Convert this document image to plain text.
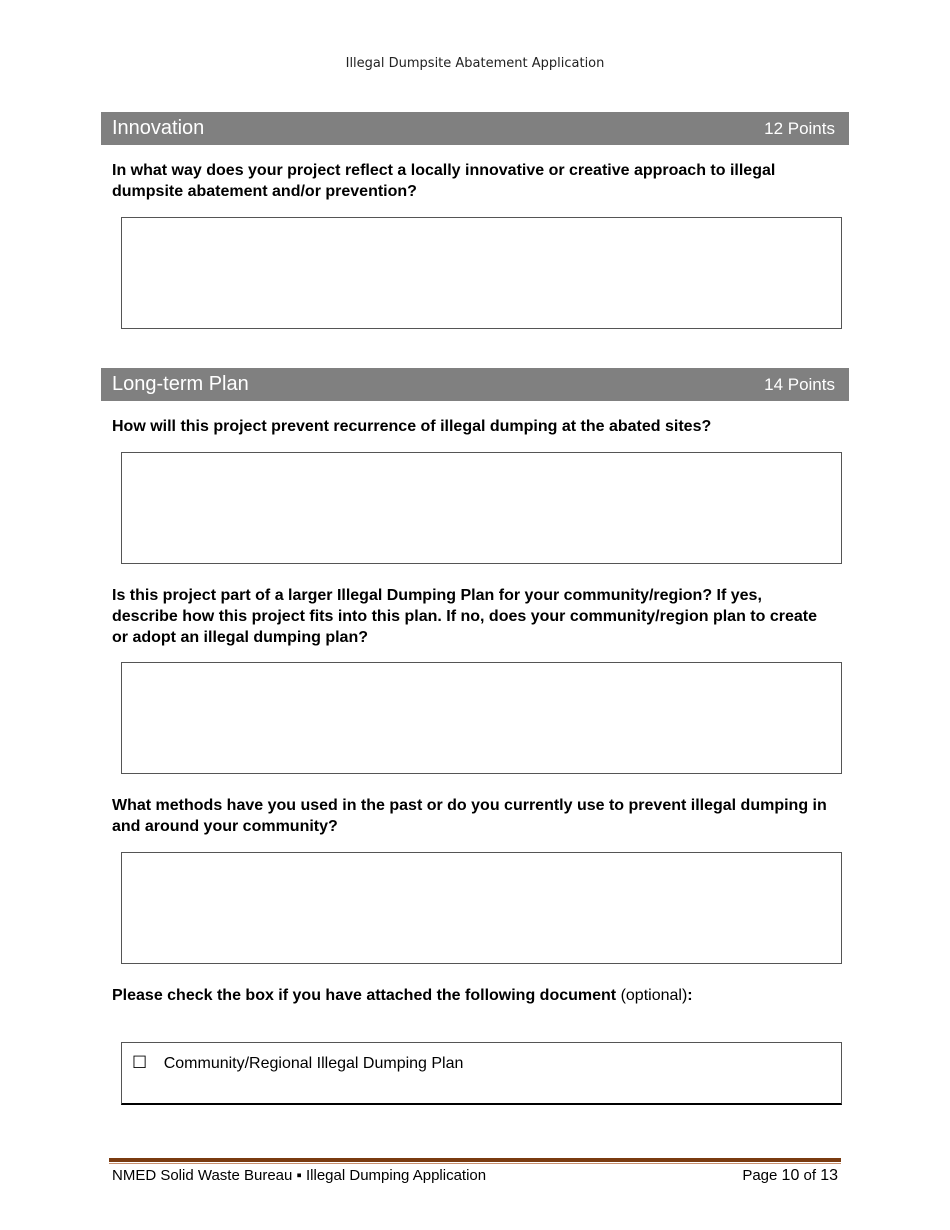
Illegal Dumpsite Abatement Application
Innovation	12 Points
In what way does your project reflect a locally innovative or creative approach to illegal dumpsite abatement and/or prevention?
Long-term Plan	14 Points
How will this project prevent recurrence of illegal dumping at the abated sites?
Is this project part of a larger Illegal Dumping Plan for your community/region? If yes, describe how this project fits into this plan. If no, does your community/region plan to create or adopt an illegal dumping plan?
What methods have you used in the past or do you currently use to prevent illegal dumping in and around your community?
Please check the box if you have attached the following document (optional):
☐ Community/Regional Illegal Dumping Plan
NMED Solid Waste Bureau ▪ Illegal Dumping Application	Page 10 of 13
